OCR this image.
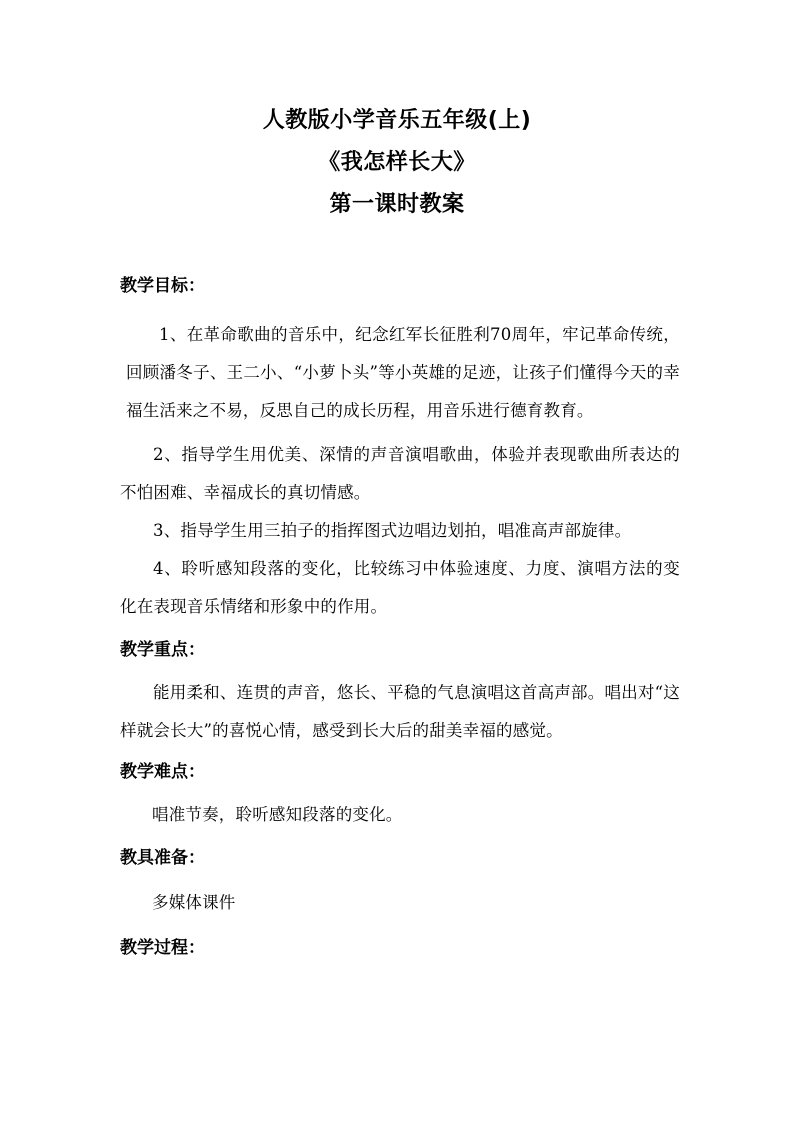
人教版小学音乐五年级(上)
《我怎样长大》
第一课时教案

教学目标：

1、在革命歌曲的音乐中，纪念红军长征胜利70周年，牢记革命传统，回顾潘冬子、王二小、“小萝卜头”等小英雄的足迹，让孩子们懂得今天的幸福生活来之不易，反思自己的成长历程，用音乐进行德育教育。

2、指导学生用优美、深情的声音演唱歌曲，体验并表现歌曲所表达的不怕困难、幸福成长的真切情感。

3、指导学生用三拍子的指挥图式边唱边划拍，唱准高声部旋律。

4、聆听感知段落的变化，比较练习中体验速度、力度、演唱方法的变化在表现音乐情绪和形象中的作用。

教学重点：

能用柔和、连贯的声音，悠长、平稳的气息演唱这首高声部。唱出对“这样就会长大”的喜悦心情，感受到长大后的甜美幸福的感觉。

教学难点：

唱准节奏，聆听感知段落的变化。

教具准备：

多媒体课件

教学过程：
